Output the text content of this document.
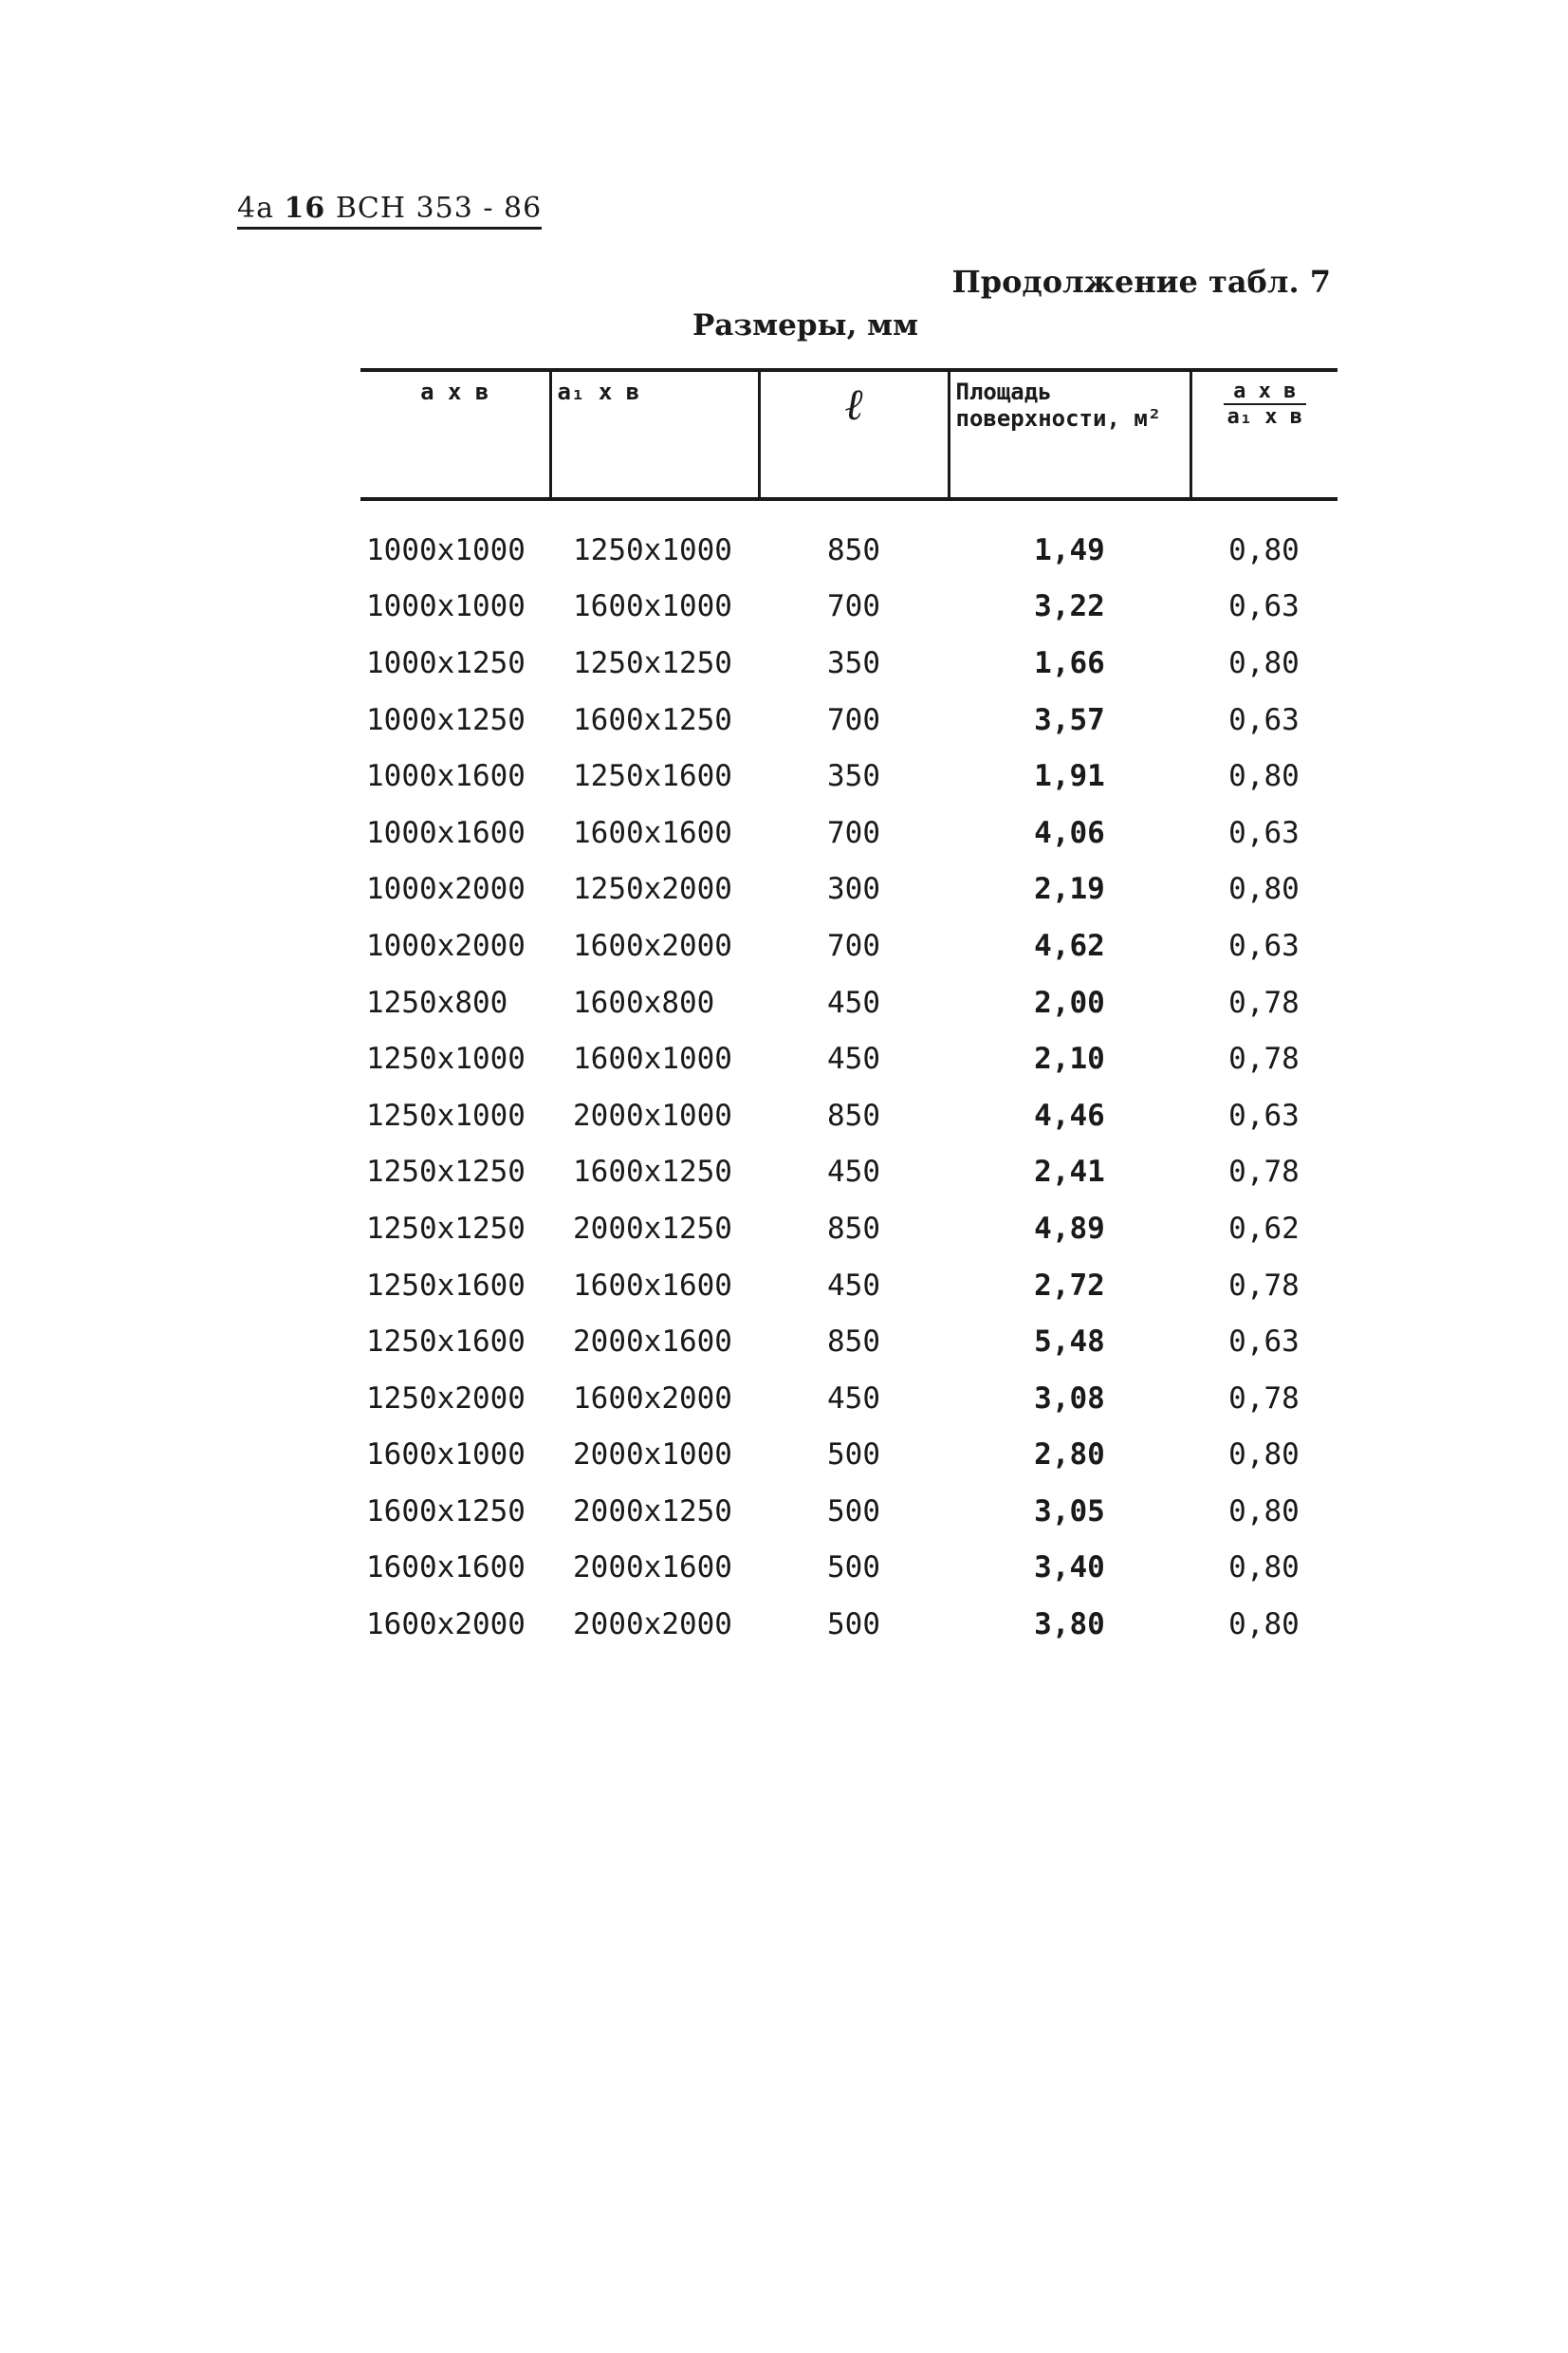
4a 16 ВСН 353 - 86
Продолжение табл. 7
Размеры, мм
а х в	а₁ х в	ℓ	Площадь поверхности, м²	$\frac{\text{а х в}}{\text{а₁ х в}}$

1000x1000	1250x1000	850	1,49	0,80
1000x1000	1600x1000	700	3,22	0,63
1000x1250	1250x1250	350	1,66	0,80
1000x1250	1600x1250	700	3,57	0,63
1000x1600	1250x1600	350	1,91	0,80
1000x1600	1600x1600	700	4,06	0,63
1000x2000	1250x2000	300	2,19	0,80
1000x2000	1600x2000	700	4,62	0,63
1250x800	1600x800	450	2,00	0,78
1250x1000	1600x1000	450	2,10	0,78
1250x1000	2000x1000	850	4,46	0,63
1250x1250	1600x1250	450	2,41	0,78
1250x1250	2000x1250	850	4,89	0,62
1250x1600	1600x1600	450	2,72	0,78
1250x1600	2000x1600	850	5,48	0,63
1250x2000	1600x2000	450	3,08	0,78
1600x1000	2000x1000	500	2,80	0,80
1600x1250	2000x1250	500	3,05	0,80
1600x1600	2000x1600	500	3,40	0,80
1600x2000	2000x2000	500	3,80	0,80
